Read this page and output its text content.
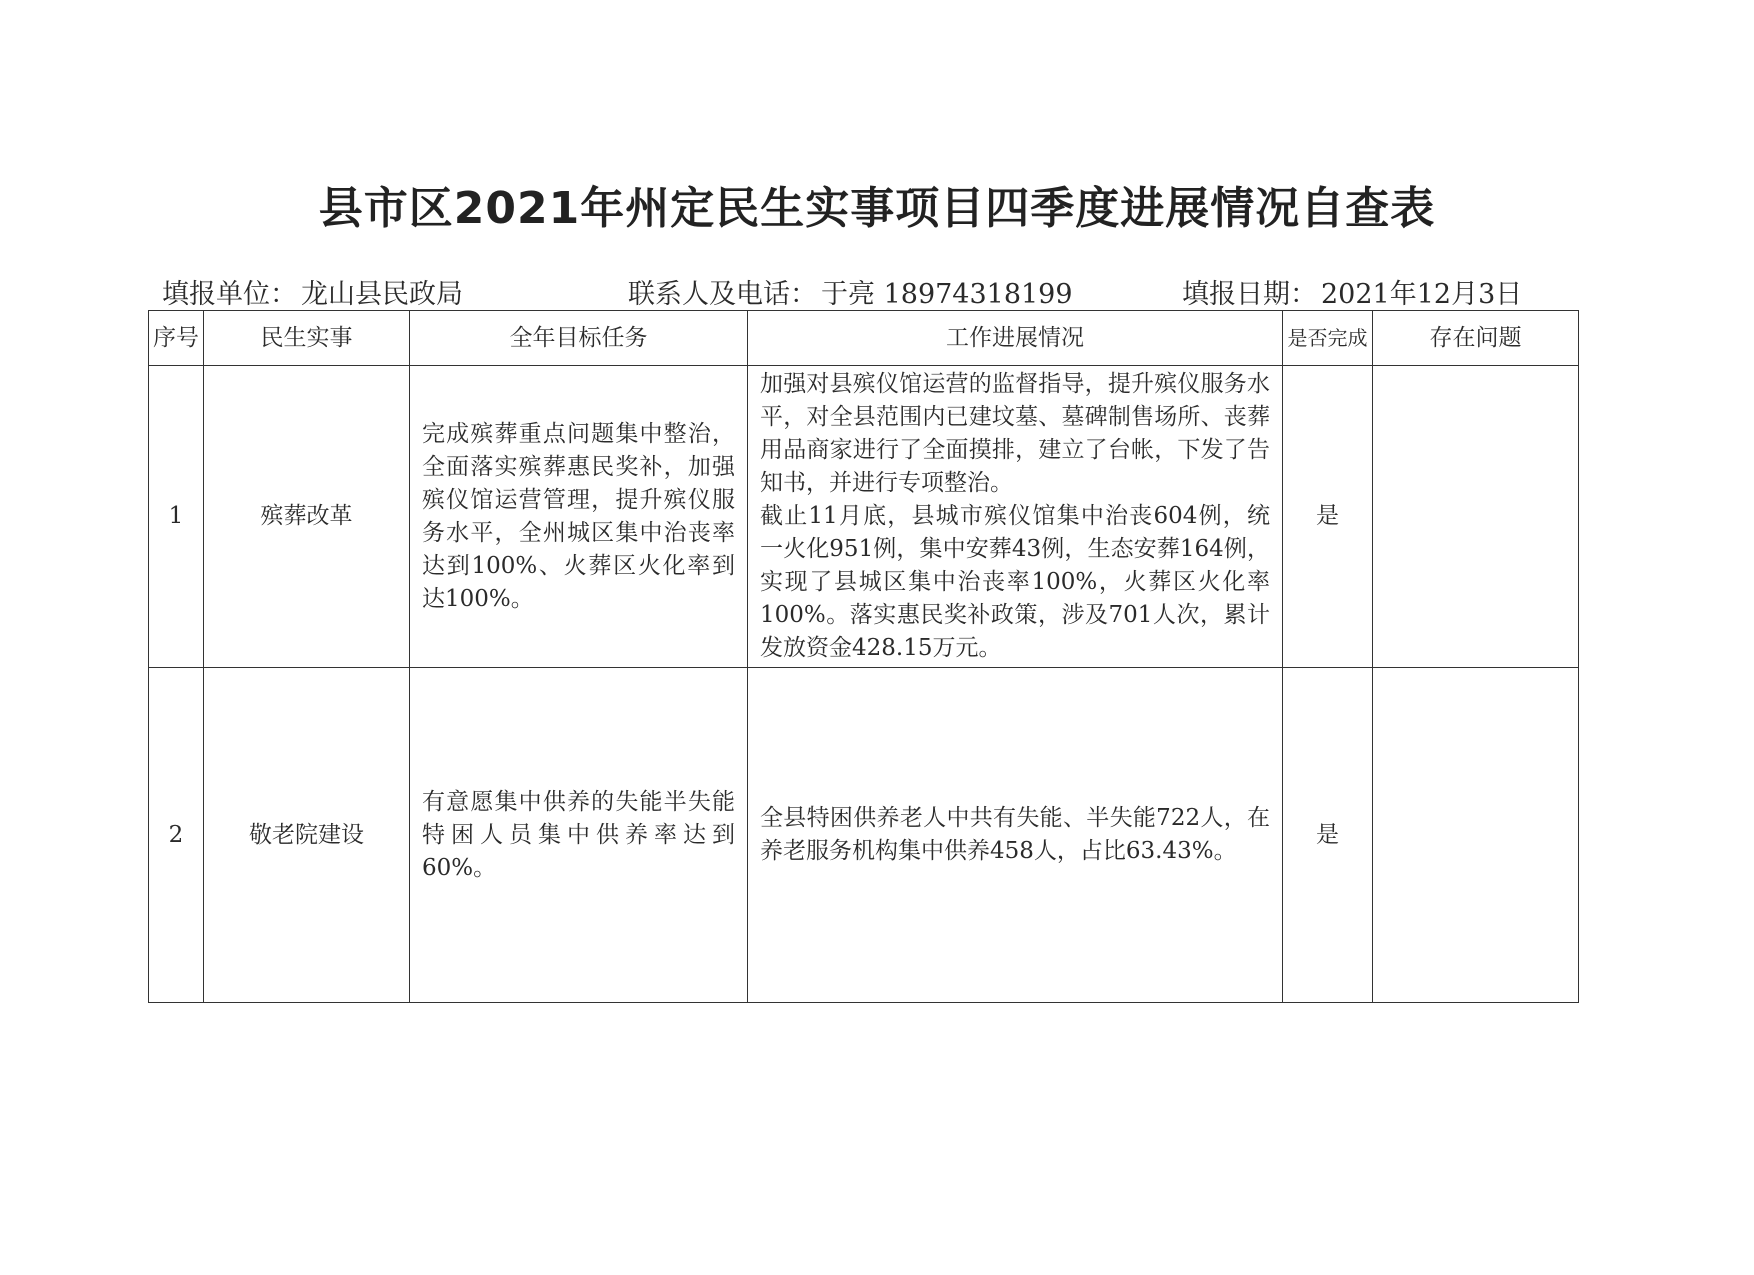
县市区2021年州定民生实事项目四季度进展情况自查表
填报单位： 龙山县民政局	联系人及电话： 于亮 18974318199	填报日期： 2021年12月3日
序号	民生实事	全年目标任务	工作进展情况	是否完成	存在问题
1	殡葬改革	完成殡葬重点问题集中整治，全面落实殡葬惠民奖补，加强殡仪馆运营管理，提升殡仪服务水平，全州城区集中治丧率达到100%、火葬区火化率到达100%。	加强对县殡仪馆运营的监督指导，提升殡仪服务水平，对全县范围内已建坟墓、墓碑制售场所、丧葬用品商家进行了全面摸排，建立了台帐，下发了告知书，并进行专项整治。
截止11月底，县城市殡仪馆集中治丧604例，统一火化951例，集中安葬43例，生态安葬164例，实现了县城区集中治丧率100%，火葬区火化率100%。落实惠民奖补政策，涉及701人次，累计发放资金428.15万元。	是	
2	敬老院建设	有意愿集中供养的失能半失能特困人员集中供养率达到60%。	全县特困供养老人中共有失能、半失能722人，在养老服务机构集中供养458人，占比63.43%。	是	
